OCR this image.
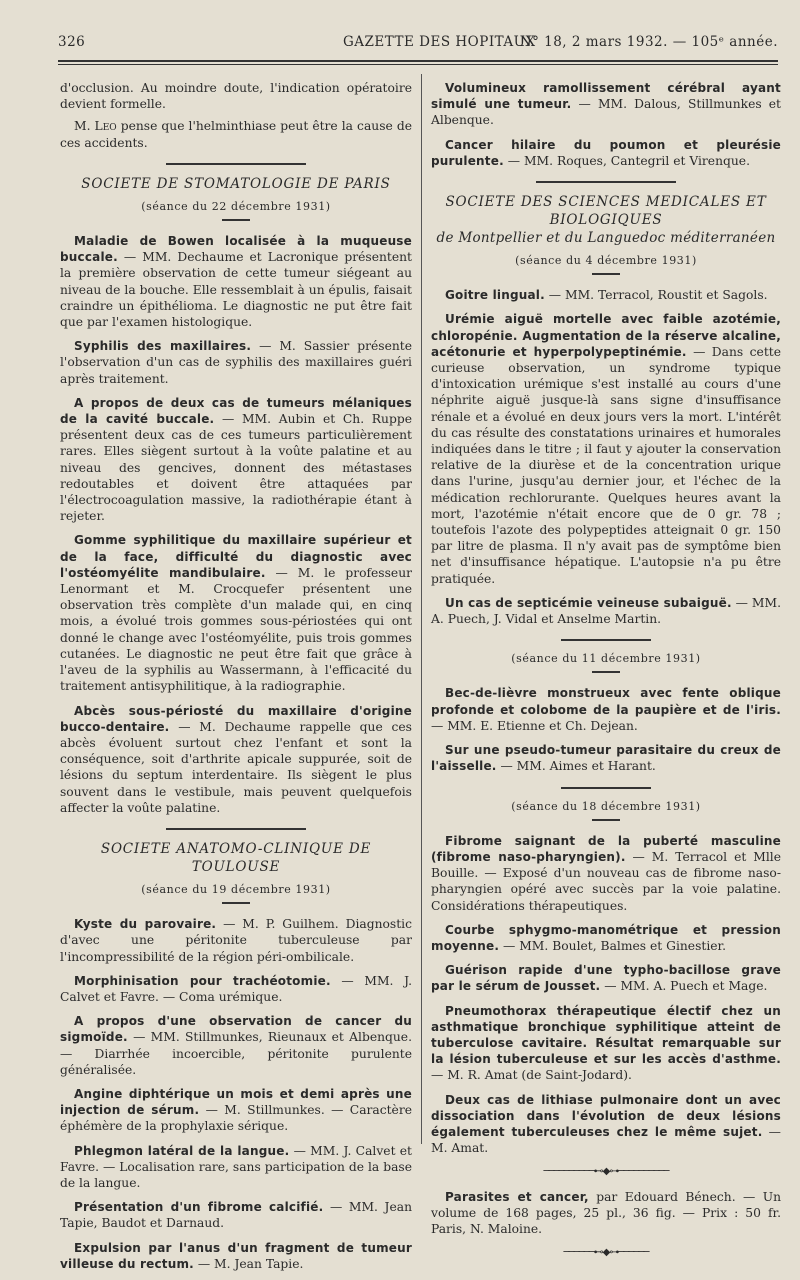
326	GAZETTE DES HOPITAUX
N° 18, 2 mars 1932. — 105ᵉ année.

d'occlusion. Au moindre doute, l'indication opératoire devient formelle.

M. Leo pense que l'helminthiase peut être la cause de ces accidents.

SOCIETE DE STOMATOLOGIE DE PARIS
(séance du 22 décembre 1931)
Maladie de Bowen localisée à la muqueuse buccale. — MM. Dechaume et Lacronique présentent la première observation de cette tumeur siégeant au niveau de la bouche. Elle ressemblait à un épulis, faisait craindre un épithélioma. Le diagnostic ne put être fait que par l'examen histologique.
Syphilis des maxillaires. — M. Sassier présente l'observation d'un cas de syphilis des maxillaires guéri après traitement.
A propos de deux cas de tumeurs mélaniques de la cavité buccale. — MM. Aubin et Ch. Ruppe présentent deux cas de ces tumeurs particulièrement rares. Elles siègent surtout à la voûte palatine et au niveau des gencives, donnent des métastases redoutables et doivent être attaquées par l'électrocoagulation massive, la radiothérapie étant à rejeter.
Gomme syphilitique du maxillaire supérieur et de la face, difficulté du diagnostic avec l'ostéomyélite mandibulaire. — M. le professeur Lenormant et M. Crocquefer présentent une observation très complète d'un malade qui, en cinq mois, a évolué trois gommes sous-périostées qui ont donné le change avec l'ostéomyélite, puis trois gommes cutanées. Le diagnostic ne peut être fait que grâce à l'aveu de la syphilis au Wassermann, à l'efficacité du traitement antisyphilitique, à la radiographie.
Abcès sous-périosté du maxillaire d'origine bucco-dentaire. — M. Dechaume rappelle que ces abcès évoluent surtout chez l'enfant et sont la conséquence, soit d'arthrite apicale suppurée, soit de lésions du septum interdentaire. Ils siègent le plus souvent dans le vestibule, mais peuvent quelquefois affecter la voûte palatine.
SOCIETE ANATOMO-CLINIQUE DE TOULOUSE
(séance du 19 décembre 1931)
Kyste du parovaire. — M. P. Guilhem. Diagnostic d'avec une péritonite tuberculeuse par l'incompressibilité de la région péri-ombilicale.
Morphinisation pour trachéotomie. — MM. J. Calvet et Favre. — Coma urémique.
A propos d'une observation de cancer du sigmoïde. — MM. Stillmunkes, Rieunaux et Albenque. — Diarrhée incoercible, péritonite purulente généralisée.
Angine diphtérique un mois et demi après une injection de sérum. — M. Stillmunkes. — Caractère éphémère de la prophylaxie sérique.
Phlegmon latéral de la langue. — MM. J. Calvet et Favre. — Localisation rare, sans participation de la base de la langue.
Présentation d'un fibrome calcifié. — MM. Jean Tapie, Baudot et Darnaud.
Expulsion par l'anus d'un fragment de tumeur villeuse du rectum. — M. Jean Tapie.
Volumineux ramollissement cérébral ayant simulé une tumeur. — MM. Dalous, Stillmunkes et Albenque.
Cancer hilaire du poumon et pleurésie purulente. — MM. Roques, Cantegril et Virenque.
SOCIETE DES SCIENCES MEDICALES ET BIOLOGIQUES
de Montpellier et du Languedoc méditerranéen
(séance du 4 décembre 1931)
Goitre lingual. — MM. Terracol, Roustit et Sagols.
Urémie aiguë mortelle avec faible azotémie, chloropénie. Augmentation de la réserve alcaline, acétonurie et hyperpolypeptinémie. — Dans cette curieuse observation, un syndrome typique d'intoxication urémique s'est installé au cours d'une néphrite aiguë jusque-là sans signe d'insuffisance rénale et a évolué en deux jours vers la mort. L'intérêt du cas résulte des constatations urinaires et humorales indiquées dans le titre ; il faut y ajouter la conservation relative de la diurèse et de la concentration urique dans l'urine, jusqu'au dernier jour, et l'échec de la médication rechlorurante. Quelques heures avant la mort, l'azotémie n'était encore que de 0 gr. 78 ; toutefois l'azote des polypeptides atteignait 0 gr. 150 par litre de plasma. Il n'y avait pas de symptôme bien net d'insuffisance hépatique. L'autopsie n'a pu être pratiquée.
Un cas de septicémie veineuse subaiguë. — MM. A. Puech, J. Vidal et Anselme Martin.
(séance du 11 décembre 1931)
Bec-de-lièvre monstrueux avec fente oblique profonde et colobome de la paupière et de l'iris. — MM. E. Etienne et Ch. Dejean.
Sur une pseudo-tumeur parasitaire du creux de l'aisselle. — MM. Aimes et Harant.
(séance du 18 décembre 1931)
Fibrome saignant de la puberté masculine (fibrome naso-pharyngien). — M. Terracol et Mlle Bouille. — Exposé d'un nouveau cas de fibrome naso-pharyngien opéré avec succès par la voie palatine. Considérations thérapeutiques.
Courbe sphygmo-manométrique et pression moyenne. — MM. Boulet, Balmes et Ginestier.
Guérison rapide d'une typho-bacillose grave par le sérum de Jousset. — MM. A. Puech et Mage.
Pneumothorax thérapeutique électif chez un asthmatique bronchique syphilitique atteint de tuberculose cavitaire. Résultat remarquable sur la lésion tuberculeuse et sur les accès d'asthme. — M. R. Amat (de Saint-Jodard).
Deux cas de lithiase pulmonaire dont un avec dissociation dans l'évolution de deux lésions également tuberculeuses chez le même sujet. — M. Amat.
──────────⊷◆⊶──────────
Parasites et cancer, par Edouard Bénech. — Un volume de 168 pages, 25 pl., 36 fig. — Prix : 50 fr. Paris, N. Maloine.
──────⊷◆⊶──────
